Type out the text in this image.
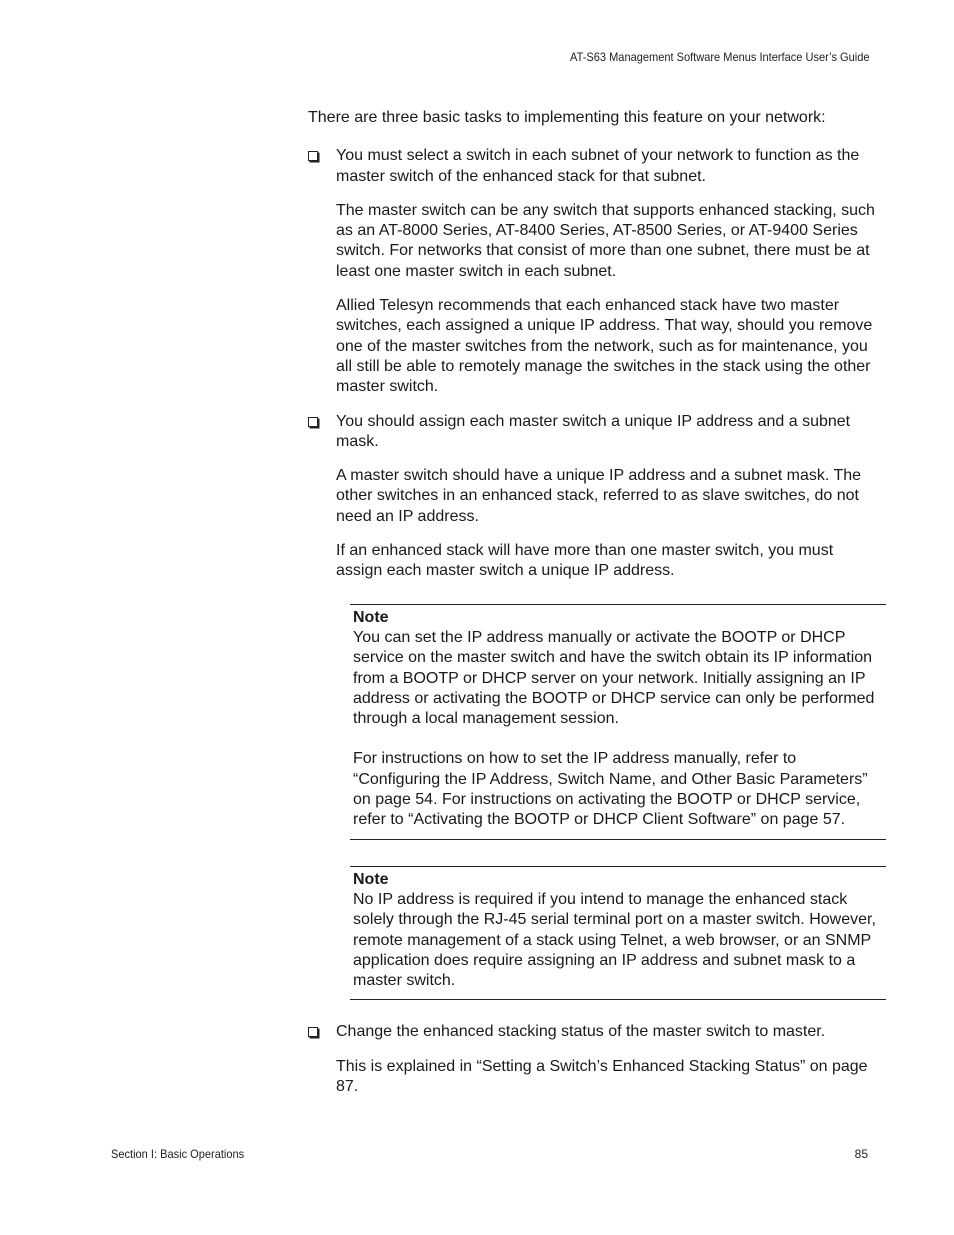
AT-S63 Management Software Menus Interface User’s Guide

There are three basic tasks to implementing this feature on your network:

You must select a switch in each subnet of your network to function as the master switch of the enhanced stack for that subnet.

The master switch can be any switch that supports enhanced stacking, such as an AT-8000 Series, AT-8400 Series, AT-8500 Series, or AT-9400 Series switch. For networks that consist of more than one subnet, there must be at least one master switch in each subnet.

Allied Telesyn recommends that each enhanced stack have two master switches, each assigned a unique IP address. That way, should you remove one of the master switches from the network, such as for maintenance, you all still be able to remotely manage the switches in the stack using the other master switch.

You should assign each master switch a unique IP address and a subnet mask.

A master switch should have a unique IP address and a subnet mask. The other switches in an enhanced stack, referred to as slave switches, do not need an IP address.

If an enhanced stack will have more than one master switch, you must assign each master switch a unique IP address.

Note

You can set the IP address manually or activate the BOOTP or DHCP service on the master switch and have the switch obtain its IP information from a BOOTP or DHCP server on your network. Initially assigning an IP address or activating the BOOTP or DHCP service can only be performed through a local management session.

For instructions on how to set the IP address manually, refer to “Configuring the IP Address, Switch Name, and Other Basic Parameters” on page 54. For instructions on activating the BOOTP or DHCP service, refer to “Activating the BOOTP or DHCP Client Software” on page 57.

Note

No IP address is required if you intend to manage the enhanced stack solely through the RJ-45 serial terminal port on a master switch. However, remote management of a stack using Telnet, a web browser, or an SNMP application does require assigning an IP address and subnet mask to a master switch.

Change the enhanced stacking status of the master switch to master.

This is explained in “Setting a Switch’s Enhanced Stacking Status” on page 87.

Section I: Basic Operations	85
